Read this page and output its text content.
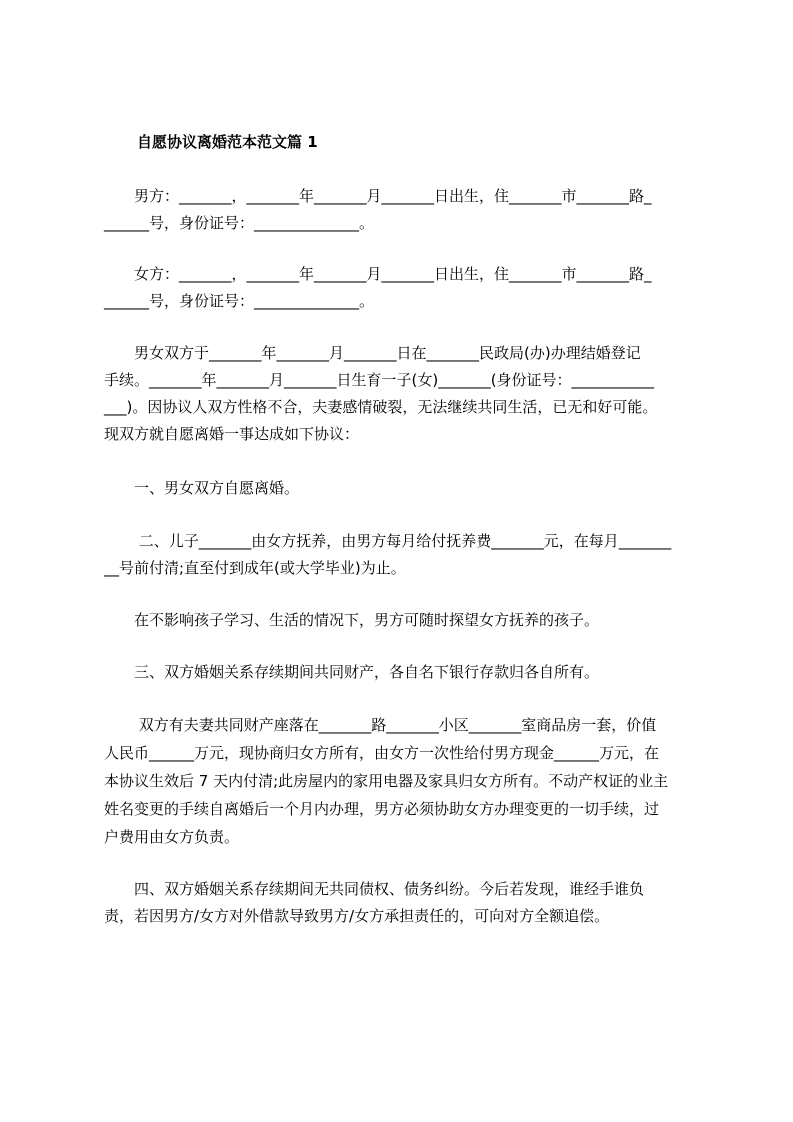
自愿协议离婚范本范文篇 1
　　男方：_______，_______年_______月_______日出生，住_______市_______路_
______号，身份证号：______________。
　　女方：_______，_______年_______月_______日出生，住_______市_______路_
______号，身份证号：______________。
　　男女双方于_______年_______月_______日在_______民政局(办)办理结婚登记
手续。_______年_______月_______日生育一子(女)_______(身份证号：___________
___)。因协议人双方性格不合，夫妻感情破裂，无法继续共同生活，已无和好可能。
现双方就自愿离婚一事达成如下协议：
　　一、男女双方自愿离婚。
　　 二、儿子_______由女方抚养，由男方每月给付抚养费_______元，在每月_______
__号前付清;直至付到成年(或大学毕业)为止。
　　在不影响孩子学习、生活的情况下，男方可随时探望女方抚养的孩子。
　　三、双方婚姻关系存续期间共同财产，各自名下银行存款归各自所有。
　　 双方有夫妻共同财产座落在_______路_______小区_______室商品房一套，价值
人民币______万元，现协商归女方所有，由女方一次性给付男方现金______万元，在
本协议生效后 7 天内付清;此房屋内的家用电器及家具归女方所有。不动产权证的业主
姓名变更的手续自离婚后一个月内办理，男方必须协助女方办理变更的一切手续，过
户费用由女方负责。
　　四、双方婚姻关系存续期间无共同债权、债务纠纷。今后若发现，谁经手谁负
责，若因男方/女方对外借款导致男方/女方承担责任的，可向对方全额追偿。
